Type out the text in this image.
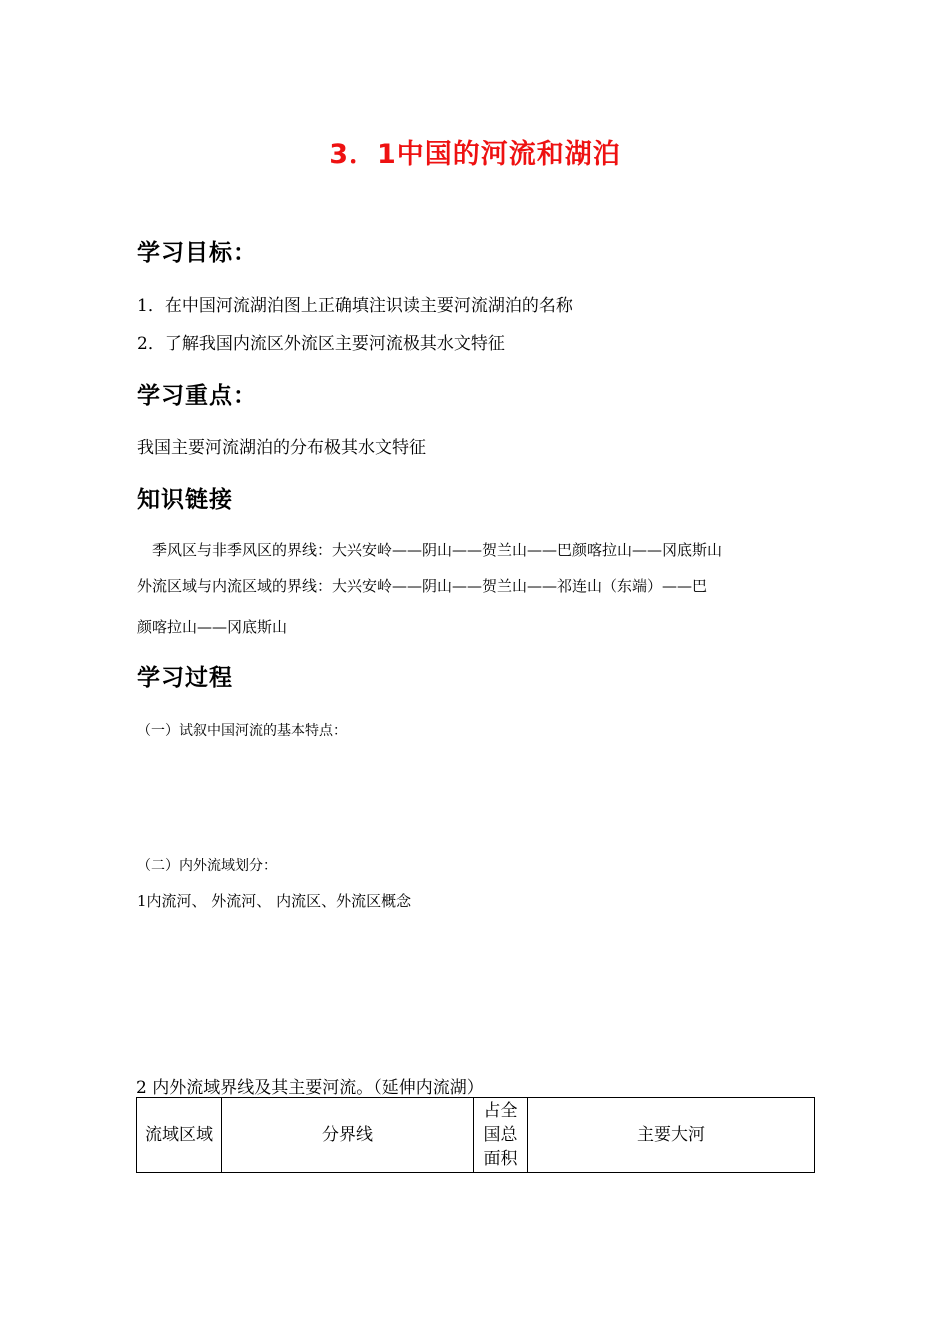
3．1中国的河流和湖泊
学习目标：
1．在中国河流湖泊图上正确填注识读主要河流湖泊的名称
2．了解我国内流区外流区主要河流极其水文特征
学习重点：
我国主要河流湖泊的分布极其水文特征
知识链接
季风区与非季风区的界线：大兴安岭——阴山——贺兰山——巴颜喀拉山——冈底斯山
外流区域与内流区域的界线：大兴安岭——阴山——贺兰山——祁连山（东端）——巴
颜喀拉山——冈底斯山
学习过程
（一）试叙中国河流的基本特点：
（二）内外流域划分：
1内流河、 外流河、 内流区、外流区概念
2 内外流域界线及其主要河流。（延伸内流湖）
流域区域	分界线	占全国总面积	主要大河
